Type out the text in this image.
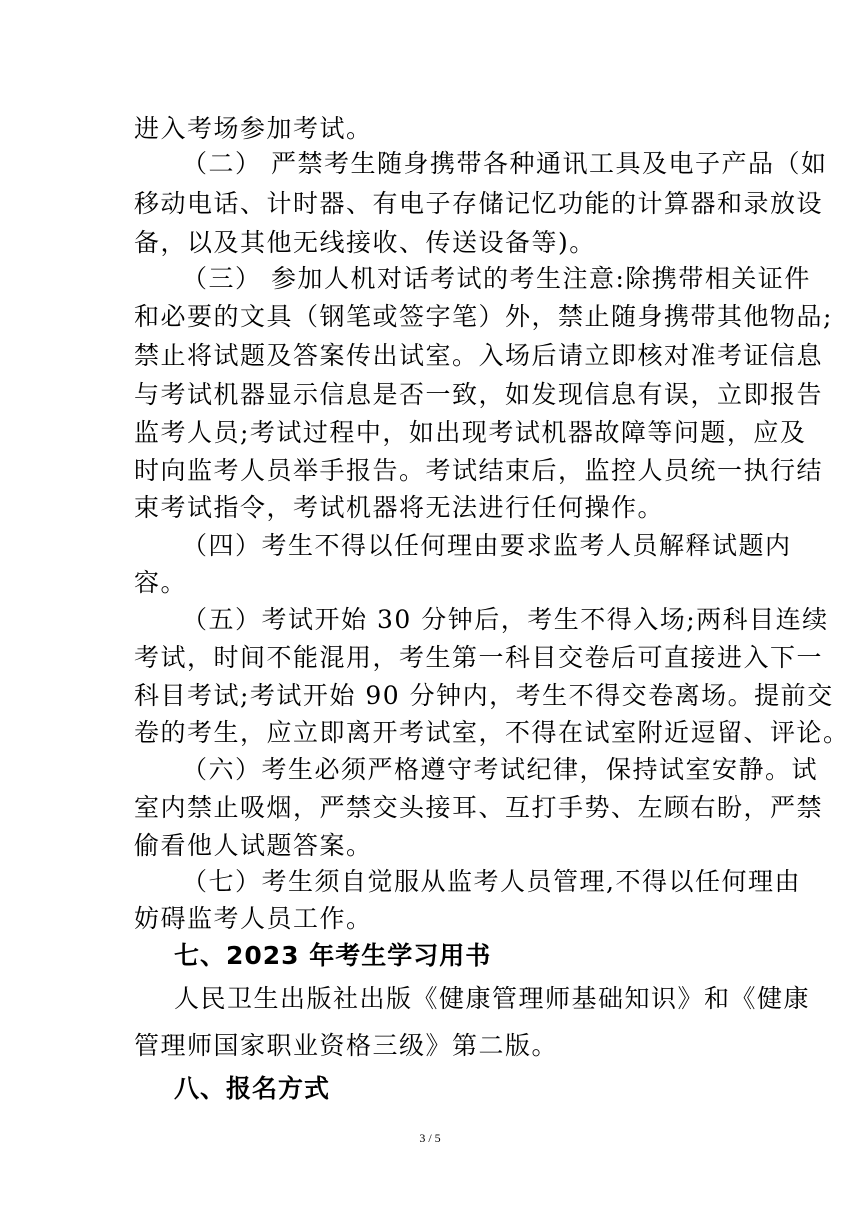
进入考场参加考试。
（二） 严禁考生随身携带各种通讯工具及电子产品（如
移动电话、计时器、有电子存储记忆功能的计算器和录放设
备，以及其他无线接收、传送设备等)。
（三） 参加人机对话考试的考生注意:除携带相关证件
和必要的文具（钢笔或签字笔）外，禁止随身携带其他物品;
禁止将试题及答案传出试室。入场后请立即核对准考证信息
与考试机器显示信息是否一致，如发现信息有误，立即报告
监考人员;考试过程中，如出现考试机器故障等问题，应及
时向监考人员举手报告。考试结束后，监控人员统一执行结
束考试指令，考试机器将无法进行任何操作。
（四）考生不得以任何理由要求监考人员解释试题内
容。
（五）考试开始 30 分钟后，考生不得入场;两科目连续
考试，时间不能混用，考生第一科目交卷后可直接进入下一
科目考试;考试开始 90 分钟内，考生不得交卷离场。提前交
卷的考生，应立即离开考试室，不得在试室附近逗留、评论。
（六）考生必须严格遵守考试纪律，保持试室安静。试
室内禁止吸烟，严禁交头接耳、互打手势、左顾右盼，严禁
偷看他人试题答案。
（七）考生须自觉服从监考人员管理,不得以任何理由
妨碍监考人员工作。
七、2023 年考生学习用书
人民卫生出版社出版《健康管理师基础知识》和《健康
管理师国家职业资格三级》第二版。
八、报名方式
3 / 5
